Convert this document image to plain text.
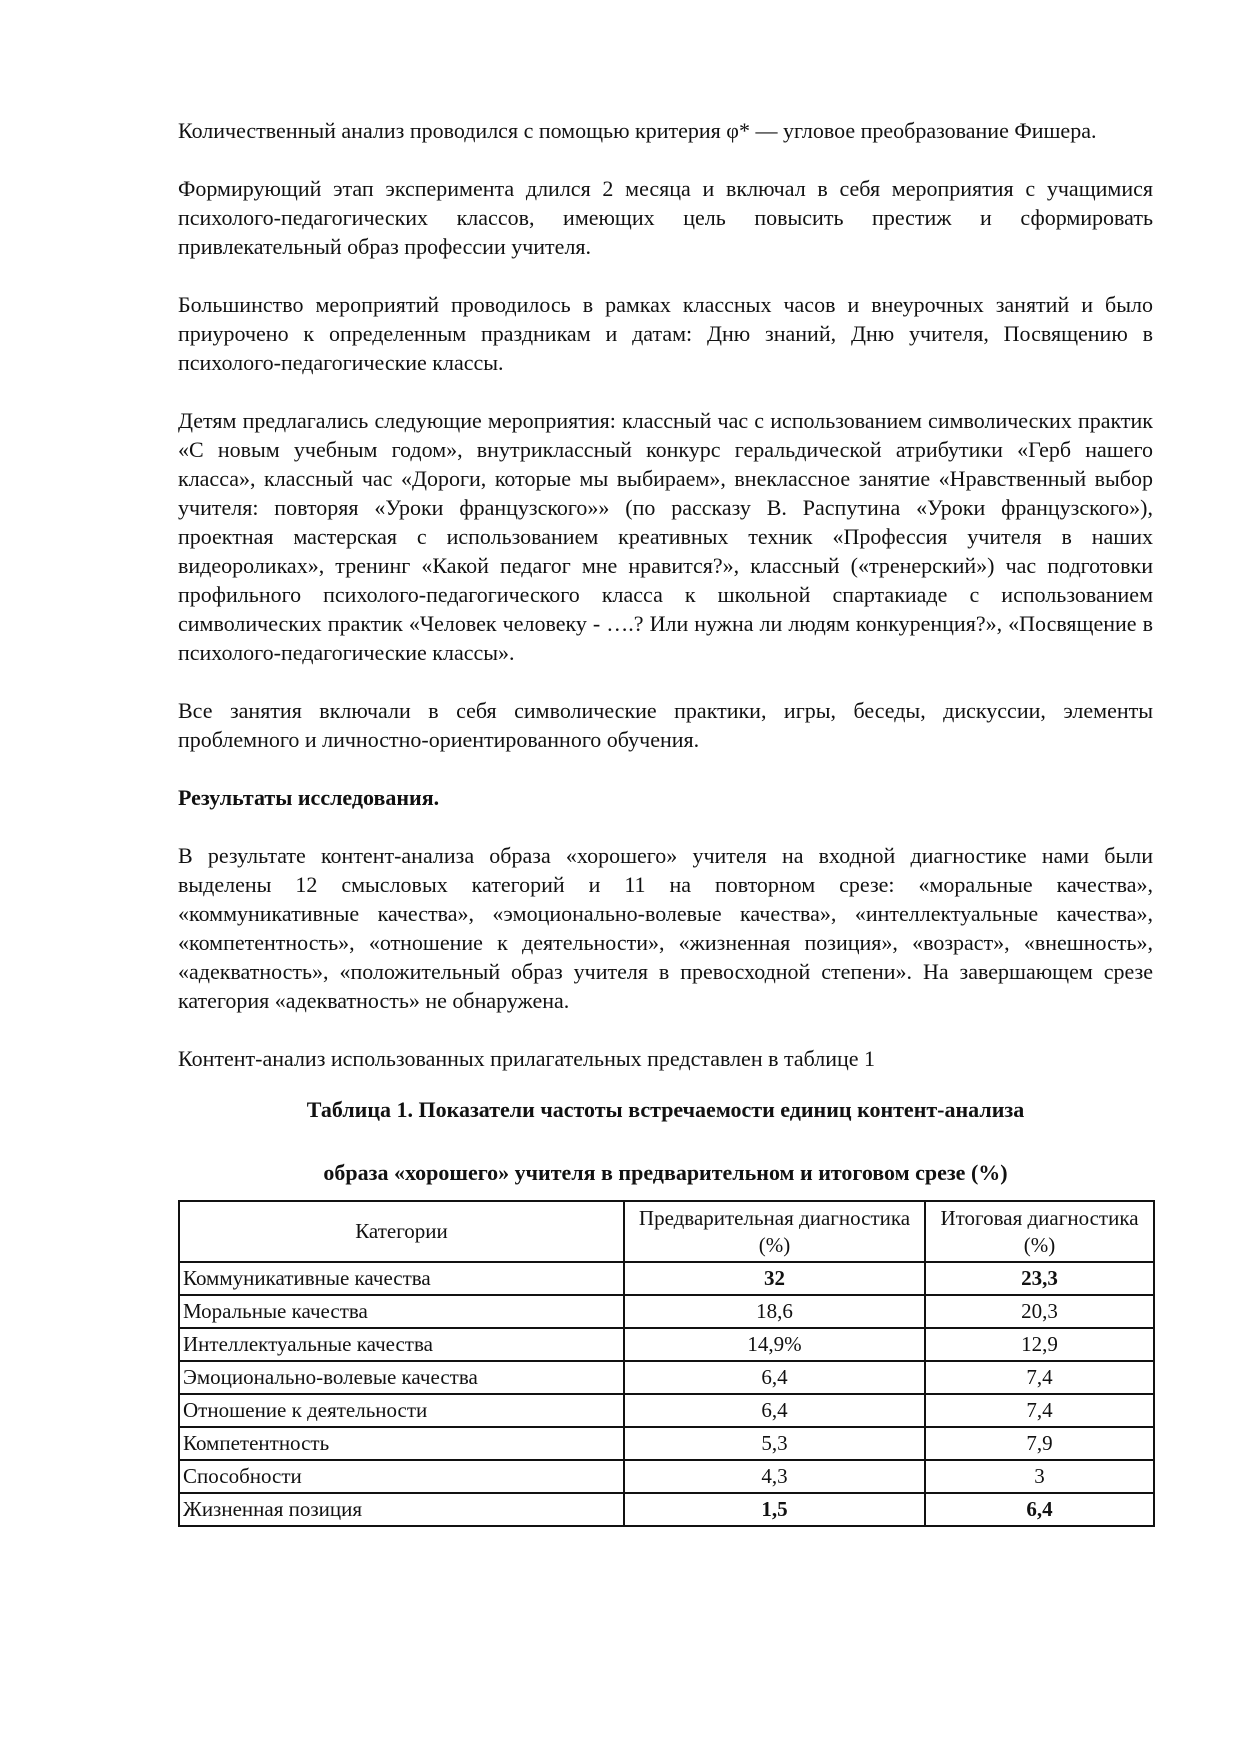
Количественный анализ проводился с помощью критерия φ* — угловое преобразование Фишера.

Формирующий этап эксперимента длился 2 месяца и включал в себя мероприятия с учащимися психолого-педагогических классов, имеющих цель повысить престиж и сформировать привлекательный образ профессии учителя.

Большинство мероприятий проводилось в рамках классных часов и внеурочных занятий и было приурочено к определенным праздникам и датам: Дню знаний, Дню учителя, Посвящению в психолого-педагогические классы.

Детям предлагались следующие мероприятия: классный час с использованием символических практик «С новым учебным годом», внутриклассный конкурс геральдической атрибутики «Герб нашего класса», классный час «Дороги, которые мы выбираем», внеклассное занятие «Нравственный выбор учителя: повторяя «Уроки французского»» (по рассказу В. Распутина «Уроки французского»), проектная мастерская с использованием креативных техник «Профессия учителя в наших видеороликах», тренинг «Какой педагог мне нравится?», классный («тренерский») час подготовки профильного психолого-педагогического класса к школьной спартакиаде с использованием символических практик «Человек человеку - ….? Или нужна ли людям конкуренция?», «Посвящение в психолого-педагогические классы».

Все занятия включали в себя символические практики, игры, беседы, дискуссии, элементы проблемного и личностно-ориентированного обучения.

Результаты исследования.

В результате контент-анализа образа «хорошего» учителя на входной диагностике нами были выделены 12 смысловых категорий и 11 на повторном срезе: «моральные качества», «коммуникативные качества», «эмоционально-волевые качества», «интеллектуальные качества», «компетентность», «отношение к деятельности», «жизненная позиция», «возраст», «внешность», «адекватность», «положительный образ учителя в превосходной степени». На завершающем срезе категория «адекватность» не обнаружена.

Контент-анализ использованных прилагательных представлен в таблице 1

Таблица 1. Показатели частоты встречаемости единиц контент-анализа
образа «хорошего» учителя в предварительном и итоговом срезе (%)
Категории	Предварительная диагностика (%)	Итоговая диагностика (%)
Коммуникативные качества	32	23,3
Моральные качества	18,6	20,3
Интеллектуальные качества	14,9%	12,9
Эмоционально-волевые качества	6,4	7,4
Отношение к деятельности	6,4	7,4
Компетентность	5,3	7,9
Способности	4,3	3
Жизненная позиция	1,5	6,4
